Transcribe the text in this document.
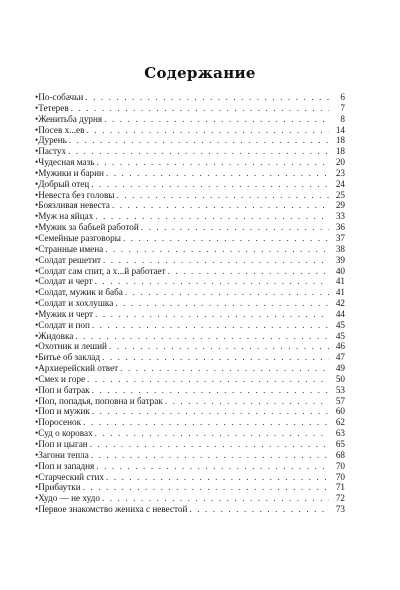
Содержание
•По-собачьи . . .	6
•Тетерев . . .	7
•Женитьба дурня . . .	8
•Посев х...ев . . .	14
•Дурень . . .	18
•Пастух . . .	18
•Чудесная мазь . . .	20
•Мужики и барин . . .	23
•Добрый отец . . .	24
•Невеста без головы . . .	25
•Боязливая невеста . . .	29
•Муж на яйцах . . .	33
•Мужик за бабьей работой . . .	36
•Семейные разговоры . . .	37
•Странные имена . . .	38
•Солдат решетит . . .	39
•Солдат сам спит, а х...й работает . . .	40
•Солдат и черт . . .	41
•Солдат, мужик и баба . . .	41
•Солдат и хохлушка . . .	42
•Мужик и черт . . .	44
•Солдат и поп . . .	45
•Жидовка . . .	45
•Охотник и леший . . .	46
•Битье об заклад . . .	47
•Архиерейский ответ . . .	49
•Смех и горе . . .	50
•Поп и батрак . . .	53
•Поп, попадья, поповна и батрак . . .	57
•Поп и мужик . . .	60
•Поросенок . . .	62
•Суд о коровах . . .	63
•Поп и цыган . . .	65
•Загони тепла . . .	68
•Поп и западня . . .	70
•Старческий стих . . .	70
•Прибаутки . . .	71
•Худо — не худо . . .	72
•Первое знакомство жениха с невестой . . .	73
